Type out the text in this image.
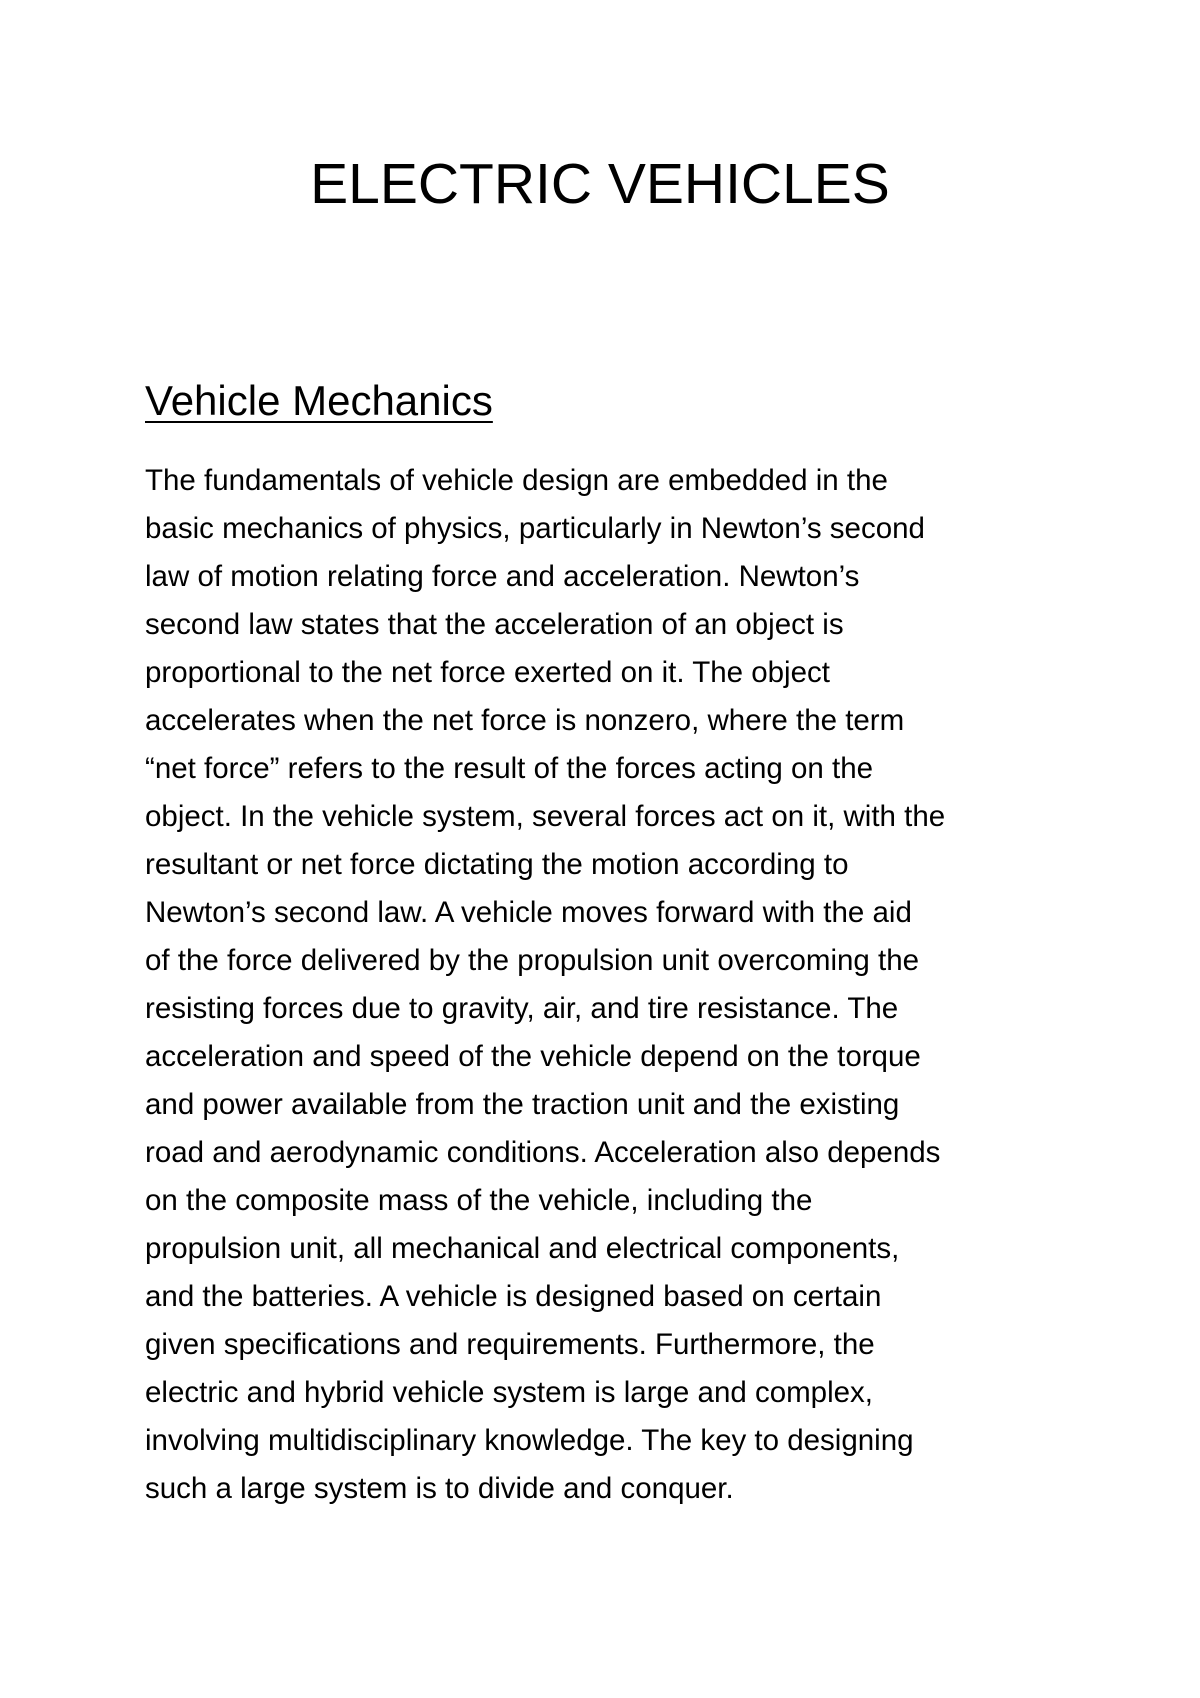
ELECTRIC VEHICLES
Vehicle Mechanics
The fundamentals of vehicle design are embedded in the
basic mechanics of physics, particularly in Newton’s second
law of motion relating force and acceleration. Newton’s
second law states that the acceleration of an object is
proportional to the net force exerted on it. The object
accelerates when the net force is nonzero, where the term
“net force” refers to the result of the forces acting on the
object. In the vehicle system, several forces act on it, with the
resultant or net force dictating the motion according to
Newton’s second law. A vehicle moves forward with the aid
of the force delivered by the propulsion unit overcoming the
resisting forces due to gravity, air, and tire resistance. The
acceleration and speed of the vehicle depend on the torque
and power available from the traction unit and the existing
road and aerodynamic conditions. Acceleration also depends
on the composite mass of the vehicle, including the
propulsion unit, all mechanical and electrical components,
and the batteries. A vehicle is designed based on certain
given specifications and requirements. Furthermore, the
electric and hybrid vehicle system is large and complex,
involving multidisciplinary knowledge. The key to designing
such a large system is to divide and conquer.
